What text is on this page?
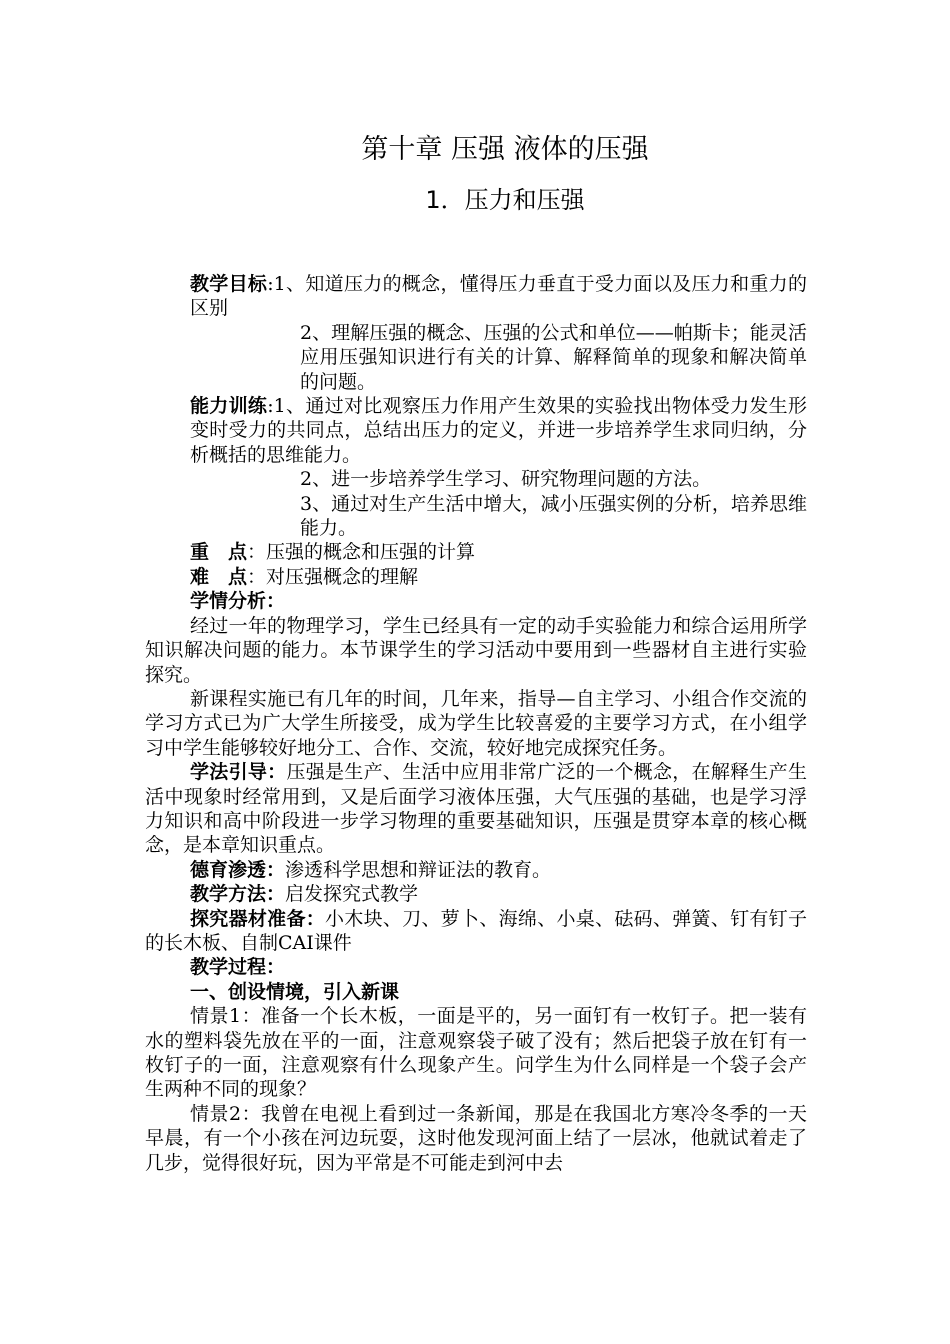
第十章 压强 液体的压强
1．压力和压强

教学目标:1、知道压力的概念，懂得压力垂直于受力面以及压力和重力的区别

2、理解压强的概念、压强的公式和单位——帕斯卡；能灵活应用压强知识进行有关的计算、解释简单的现象和解决简单的问题。

能力训练:1、通过对比观察压力作用产生效果的实验找出物体受力发生形变时受力的共同点，总结出压力的定义，并进一步培养学生求同归纳，分析概括的思维能力。

2、进一步培养学生学习、研究物理问题的方法。

3、通过对生产生活中增大，减小压强实例的分析，培养思维能力。

重　点：压强的概念和压强的计算

难　点：对压强概念的理解

学情分析：

经过一年的物理学习，学生已经具有一定的动手实验能力和综合运用所学知识解决问题的能力。本节课学生的学习活动中要用到一些器材自主进行实验探究。

新课程实施已有几年的时间，几年来，指导—自主学习、小组合作交流的学习方式已为广大学生所接受，成为学生比较喜爱的主要学习方式，在小组学习中学生能够较好地分工、合作、交流，较好地完成探究任务。

学法引导：压强是生产、生活中应用非常广泛的一个概念，在解释生产生活中现象时经常用到，又是后面学习液体压强，大气压强的基础，也是学习浮力知识和高中阶段进一步学习物理的重要基础知识，压强是贯穿本章的核心概念，是本章知识重点。

德育渗透：渗透科学思想和辩证法的教育。

教学方法：启发探究式教学

探究器材准备：小木块、刀、萝卜、海绵、小桌、砝码、弹簧、钉有钉子的长木板、自制CAI课件

教学过程：

一、创设情境，引入新课

情景1：准备一个长木板，一面是平的，另一面钉有一枚钉子。把一装有水的塑料袋先放在平的一面，注意观察袋子破了没有；然后把袋子放在钉有一枚钉子的一面，注意观察有什么现象产生。问学生为什么同样是一个袋子会产生两种不同的现象？

情景2：我曾在电视上看到过一条新闻，那是在我国北方寒冷冬季的一天早晨，有一个小孩在河边玩耍，这时他发现河面上结了一层冰，他就试着走了几步，觉得很好玩，因为平常是不可能走到河中去
